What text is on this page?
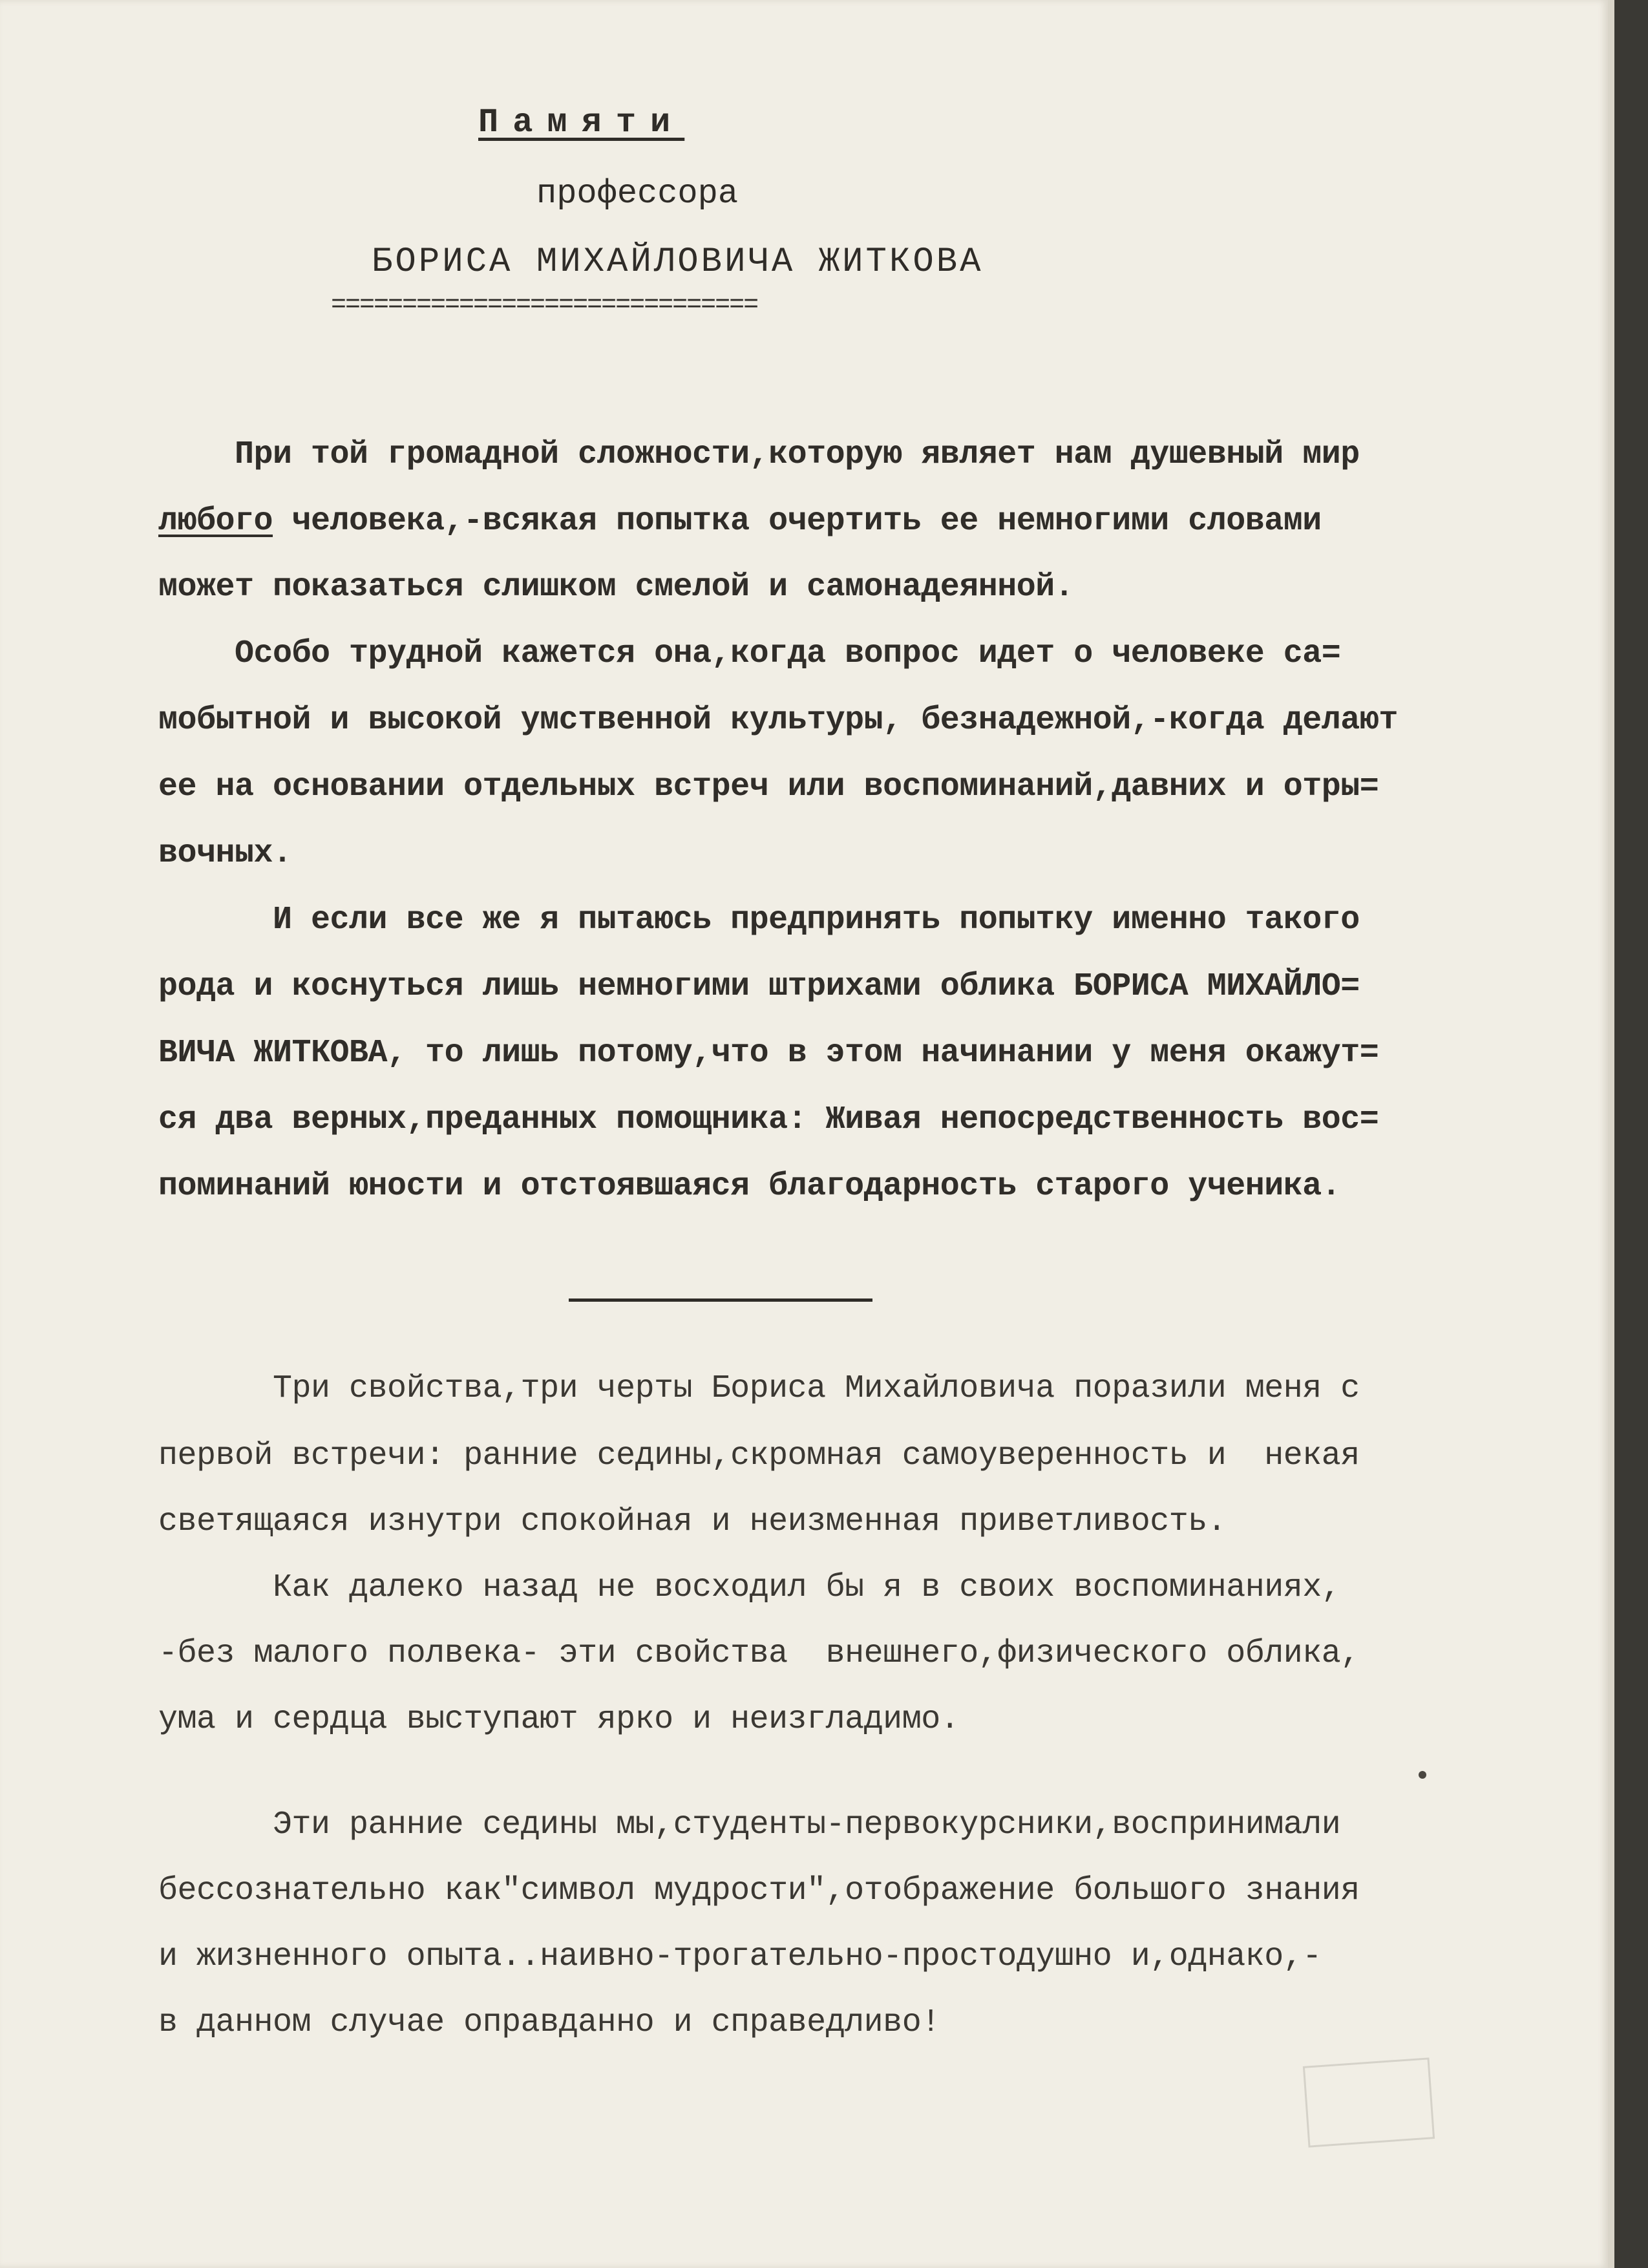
Памяти
профессора
БОРИСА МИХАЙЛОВИЧА ЖИТКОВА
==============================
При той громадной сложности,которую являет нам душевный мир
любого человека,-всякая попытка очертить ее немногими словами
может показаться слишком смелой и самонадеянной.
Особо трудной кажется она,когда вопрос идет о человеке са=
мобытной и высокой умственной культуры, безнадежной,-когда делают
ее на основании отдельных встреч или воспоминаний,давних и отры=
вочных.
И если все же я пытаюсь предпринять попытку именно такого
рода и коснуться лишь немногими штрихами облика БОРИСА МИХАЙЛО=
ВИЧА ЖИТКОВА, то лишь потому,что в этом начинании у меня окажут=
ся два верных,преданных помощника: Живая непосредственность вос=
поминаний юности и отстоявшаяся благодарность старого ученика.
Три свойства,три черты Бориса Михайловича поразили меня с
первой встречи: ранние седины,скромная самоуверенность и  некая
светящаяся изнутри спокойная и неизменная приветливость.
Как далеко назад не восходил бы я в своих воспоминаниях,
-без малого полвека- эти свойства  внешнего,физического облика,
ума и сердца выступают ярко и неизгладимо.
Эти ранние седины мы,студенты-первокурсники,воспринимали
бессознательно как"символ мудрости",отображение большого знания
и жизненного опыта..наивно-трогательно-простодушно и,однако,-
в данном случае оправданно и справедливо!
